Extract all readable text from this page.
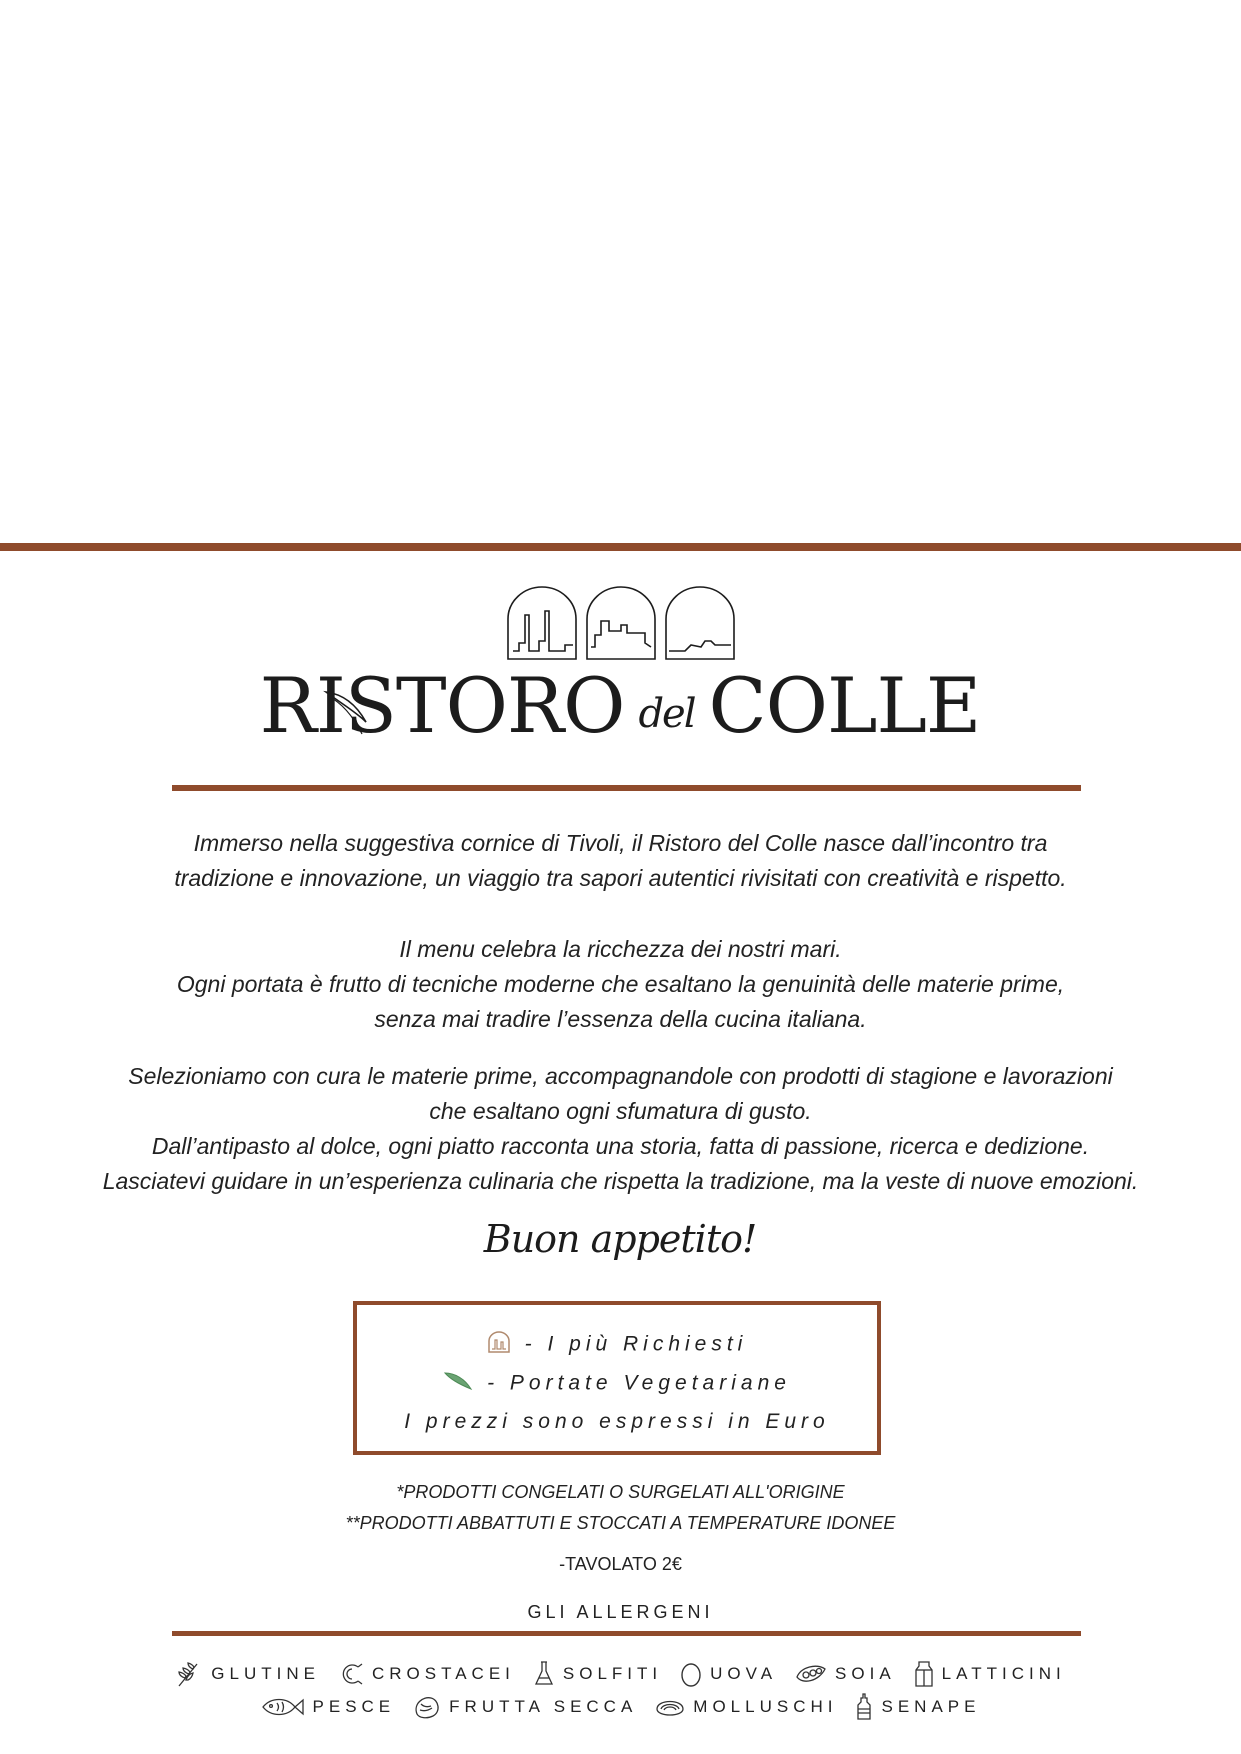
RISTORO del COLLE

Immerso nella suggestiva cornice di Tivoli, il Ristoro del Colle nasce dall’incontro tra

tradizione e innovazione, un viaggio tra sapori autentici rivisitati con creatività e rispetto.

Il menu celebra la ricchezza dei nostri mari.

Ogni portata è frutto di tecniche moderne che esaltano la genuinità delle materie prime,

senza mai tradire l’essenza della cucina italiana.

Selezioniamo con cura le materie prime, accompagnandole con prodotti di stagione e lavorazioni

che esaltano ogni sfumatura di gusto.

Dall’antipasto al dolce, ogni piatto racconta una storia, fatta di passione, ricerca e dedizione.

Lasciatevi guidare in un’esperienza culinaria che rispetta la tradizione, ma la veste di nuove emozioni.

Buon appetito!
- I più Richiesti
- Portate Vegetariane
I prezzi sono espressi in Euro
*PRODOTTI CONGELATI O SURGELATI ALL'ORIGINE
**PRODOTTI ABBATTUTI E STOCCATI A TEMPERATURE IDONEE
-TAVOLATO 2€
GLI ALLERGENI
GLUTINE	CROSTACEI	SOLFITI	UOVA	SOIA	LATTICINI
PESCE	FRUTTA SECCA	MOLLUSCHI	SENAPE
